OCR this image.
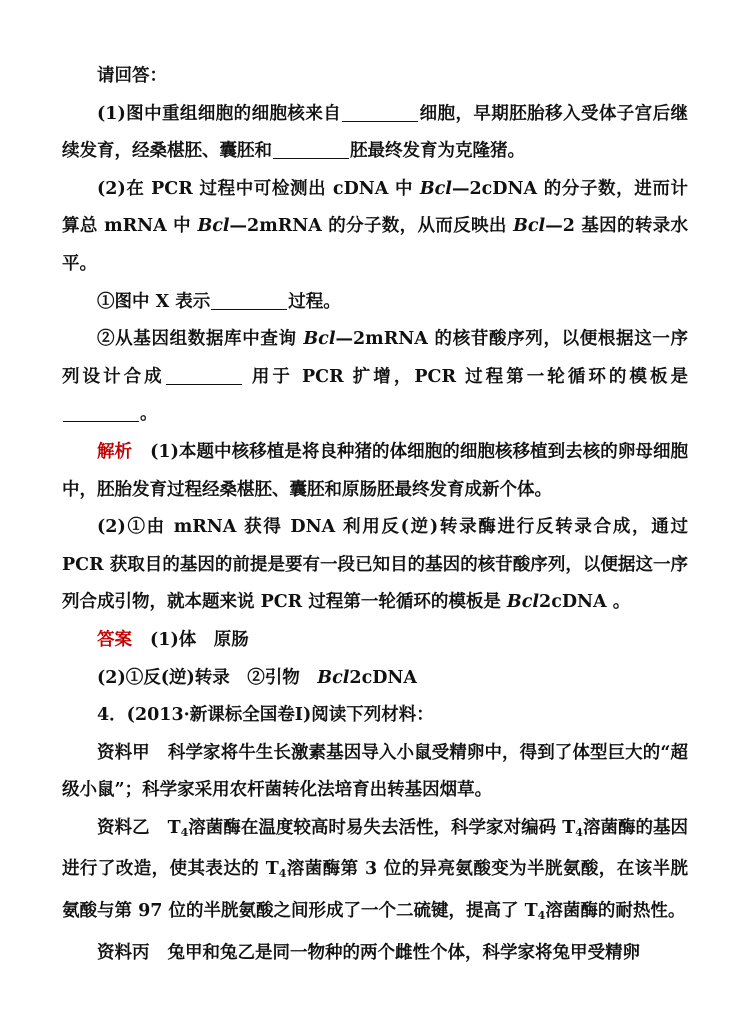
请回答：

(1)图中重组细胞的细胞核来自	细胞，早期胚胎移入受体子宫后继续发育，经桑椹胚、囊胚和	胚最终发育为克隆猪。

(2)在 PCR 过程中可检测出 cDNA 中 Bcl—2cDNA 的分子数，进而计算总 mRNA 中 Bcl—2mRNA 的分子数，从而反映出 Bcl—2 基因的转录水平。

①图中 X 表示	过程。

②从基因组数据库中查询 Bcl—2mRNA 的核苷酸序列，以便根据这一序列设计合成	用于 PCR 扩增，PCR 过程第一轮循环的模板是。

解析 (1)本题中核移植是将良种猪的体细胞的细胞核移植到去核的卵母细胞中，胚胎发育过程经桑椹胚、囊胚和原肠胚最终发育成新个体。

(2)①由 mRNA 获得 DNA 利用反(逆)转录酶进行反转录合成，通过 PCR 获取目的基因的前提是要有一段已知目的基因的核苷酸序列，以便据这一序列合成引物，就本题来说 PCR 过程第一轮循环的模板是 Bcl2cDNA 。

答案 (1)体　原肠

(2)①反(逆)转录　②引物　Bcl2cDNA

4．(2013·新课标全国卷Ⅰ)阅读下列材料：

资料甲 科学家将牛生长激素基因导入小鼠受精卵中，得到了体型巨大的“超级小鼠”；科学家采用农杆菌转化法培育出转基因烟草。

资料乙 $T_4$溶菌酶在温度较高时易失去活性，科学家对编码 $T_4$溶菌酶的基因进行了改造，使其表达的 $T_4$溶菌酶第 3 位的异亮氨酸变为半胱氨酸，在该半胱氨酸与第 97 位的半胱氨酸之间形成了一个二硫键，提高了 $T_4$溶菌酶的耐热性。

资料丙 兔甲和兔乙是同一物种的两个雌性个体，科学家将兔甲受精卵
